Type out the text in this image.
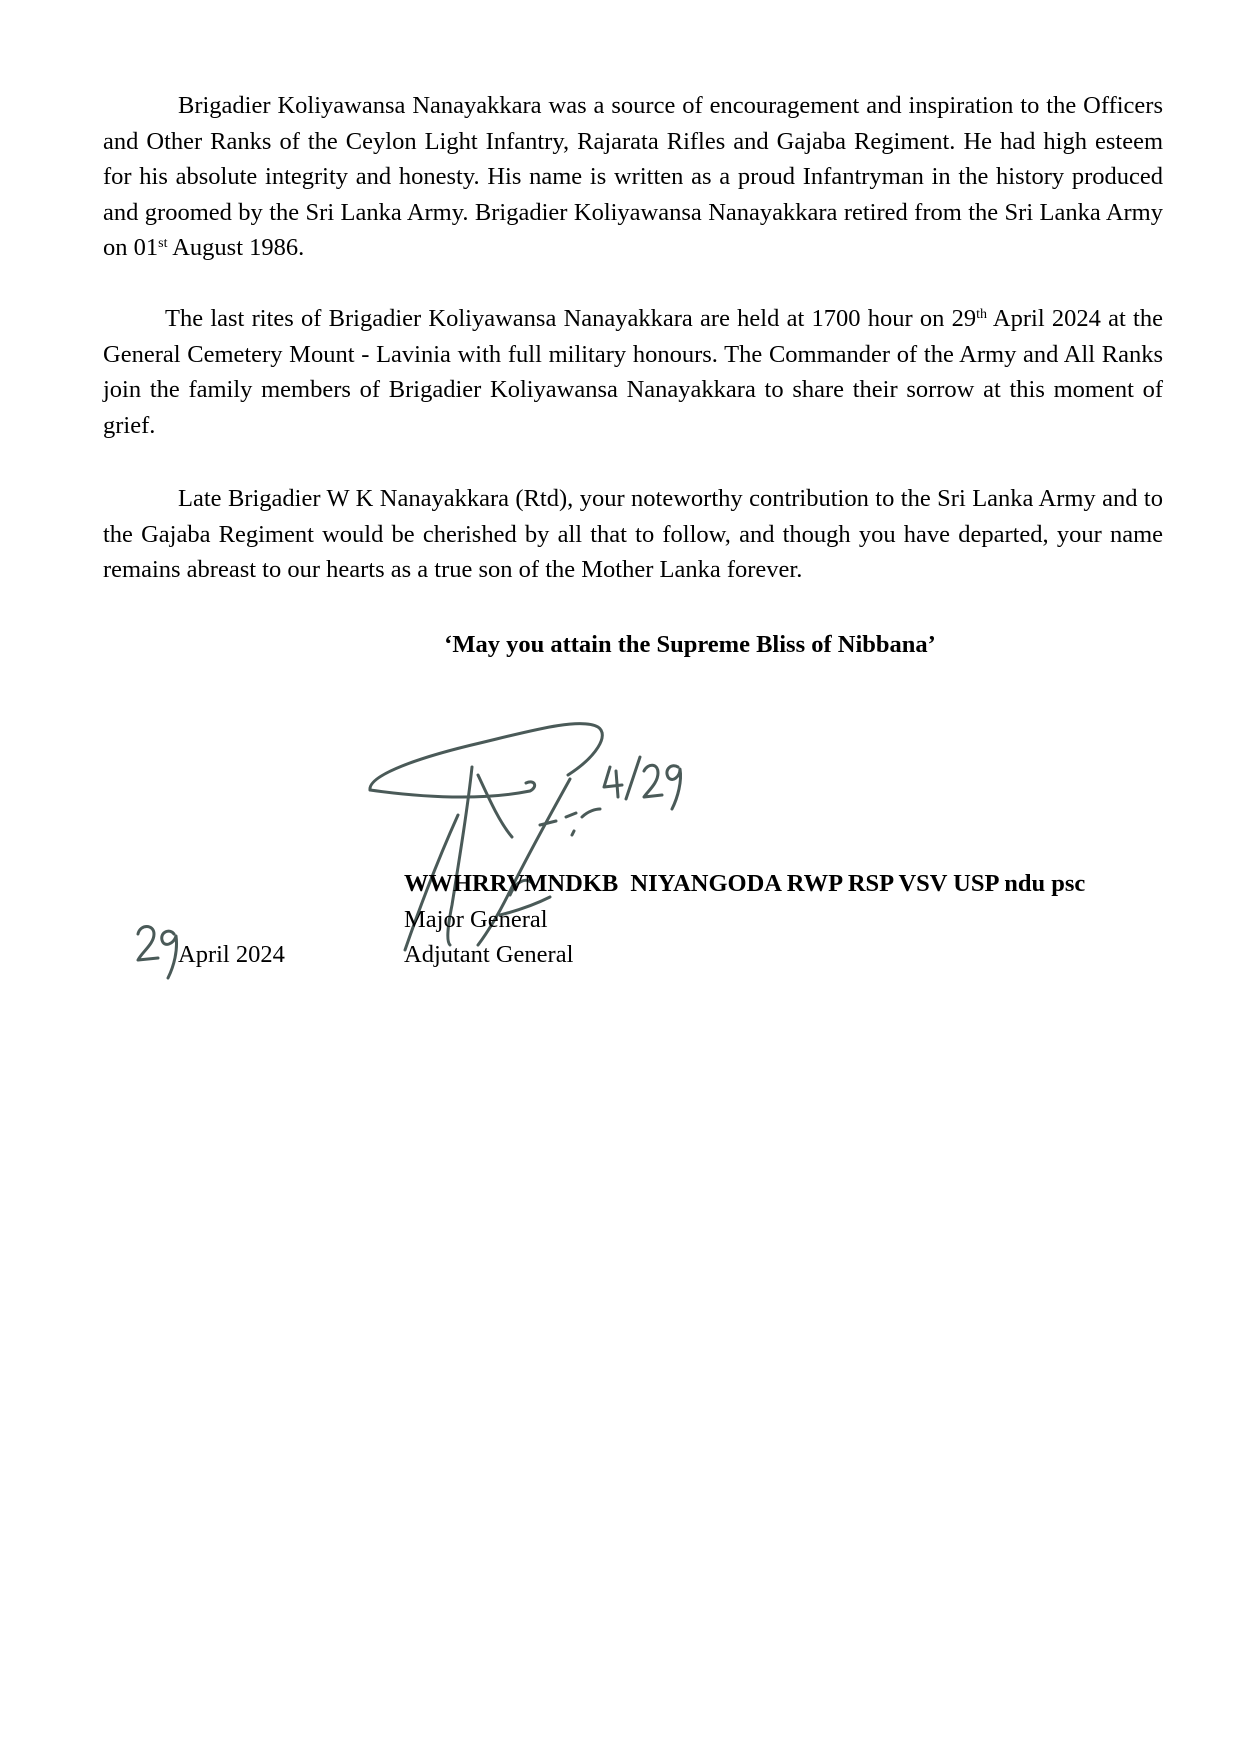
Brigadier Koliyawansa Nanayakkara was a source of encouragement and inspiration to the Officers and Other Ranks of the Ceylon Light Infantry, Rajarata Rifles and Gajaba Regiment. He had high esteem for his absolute integrity and honesty. His name is written as a proud Infantryman in the history produced and groomed by the Sri Lanka Army. Brigadier Koliyawansa Nanayakkara retired from the Sri Lanka Army on 01st August 1986.

The last rites of Brigadier Koliyawansa Nanayakkara are held at 1700 hour on 29th April 2024 at the General Cemetery Mount - Lavinia with full military honours. The Commander of the Army and All Ranks join the family members of Brigadier Koliyawansa Nanayakkara to share their sorrow at this moment of grief.

Late Brigadier W K Nanayakkara (Rtd), your noteworthy contribution to the Sri Lanka Army and to the Gajaba Regiment would be cherished by all that to follow, and though you have departed, your name remains abreast to our hearts as a true son of the Mother Lanka forever.

‘May you attain the Supreme Bliss of Nibbana’

WWHRRVMNDKB  NIYANGODA RWP RSP VSV USP ndu psc
Major General
Adjutant General
April 2024
